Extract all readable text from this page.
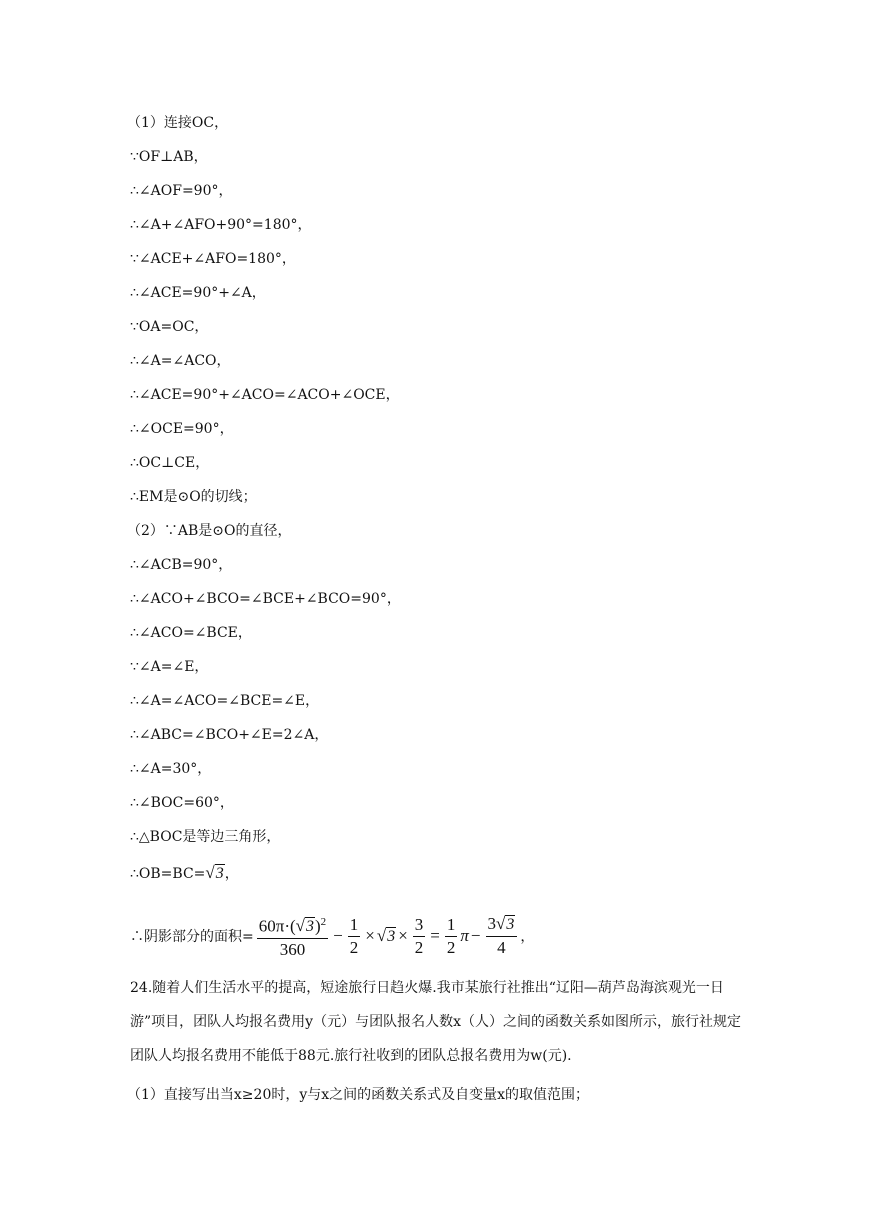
（1）连接OC，
∵OF⊥AB，
∴∠AOF=90°，
∴∠A+∠AFO+90°=180°，
∵∠ACE+∠AFO=180°，
∴∠ACE=90°+∠A，
∵OA=OC，
∴∠A=∠ACO，
∴∠ACE=90°+∠ACO=∠ACO+∠OCE，
∴∠OCE=90°，
∴OC⊥CE，
∴EM是⊙O的切线；
（2）∵AB是⊙O的直径，
∴∠ACB=90°，
∴∠ACO+∠BCO=∠BCE+∠BCO=90°，
∴∠ACO=∠BCE，
∵∠A=∠E，
∴∠A=∠ACO=∠BCE=∠E，
∴∠ABC=∠BCO+∠E=2∠A，
∴∠A=30°，
∴∠BOC=60°，
∴△BOC是等边三角形，
∴OB=BC=√3，
∴阴影部分的面积= $\frac{60\pi\cdot(√3)^2}{360} - \frac{1}{2} \times √3 \times \frac{3}{2} = \frac{1}{2}$ $\pi - \frac{3√3}{4}$ ，
24.随着人们生活水平的提高，短途旅行日趋火爆.我市某旅行社推出“辽阳—葫芦岛海滨观光一日游”项目，团队人均报名费用y（元）与团队报名人数x（人）之间的函数关系如图所示，旅行社规定团队人均报名费用不能低于88元.旅行社收到的团队总报名费用为w(元).
（1）直接写出当x≥20时，y与x之间的函数关系式及自变量x的取值范围；
